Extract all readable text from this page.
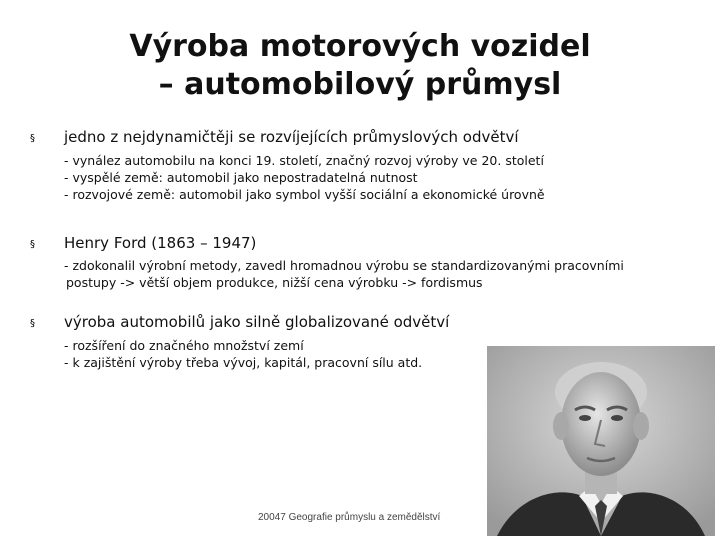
Výroba motorových vozidel
– automobilový průmysl
§ jedno z nejdynamičtěji se rozvíjejících průmyslových odvětví
- vynález automobilu na konci 19. století, značný rozvoj výroby ve 20. století
- vyspělé země: automobil jako nepostradatelná nutnost
- rozvojové země: automobil jako symbol vyšší sociální a ekonomické úrovně
§ Henry Ford (1863 – 1947)
- zdokonalil výrobní metody, zavedl hromadnou výrobu se standardizovanými pracovními
postupy -> větší objem produkce, nižší cena výrobku -> fordismus
§ výroba automobilů jako silně globalizované odvětví
- rozšíření do značného množství zemí
- k zajištění výroby třeba vývoj, kapitál, pracovní sílu atd.
20047 Geografie průmyslu a zemědělství
